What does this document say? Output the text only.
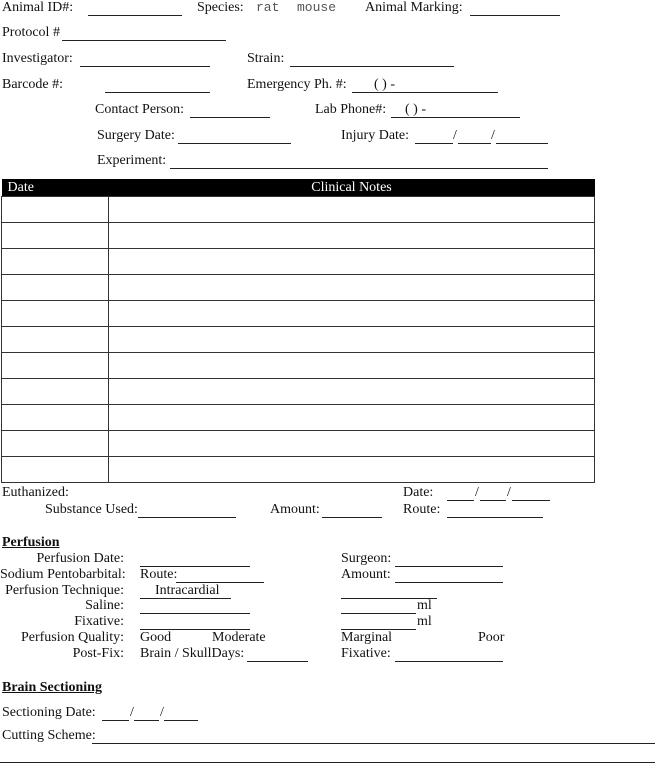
Animal ID#:	Species: rat mouse Animal Marking:
Protocol #
Investigator:	Strain:
Barcode #:	Emergency Ph. #:	( ) -
Contact Person:	Lab Phone#:	( ) -
Surgery Date:	Injury Date:	/ /
Experiment:
Date	Clinical Notes

Euthanized:	Date:	/ /
Substance Used:	Amount:	Route:
Perfusion
Perfusion Date:	Surgeon:
Sodium Pentobarbital: Route:	Amount:
Perfusion Technique:	Intracardial
Saline:	ml
Fixative:	ml
Perfusion Quality: Good	Moderate	Marginal	Poor
Post-Fix: Brain / SkullDays:	Fixative:
Brain Sectioning
Sectioning Date: / /
Cutting Scheme:
